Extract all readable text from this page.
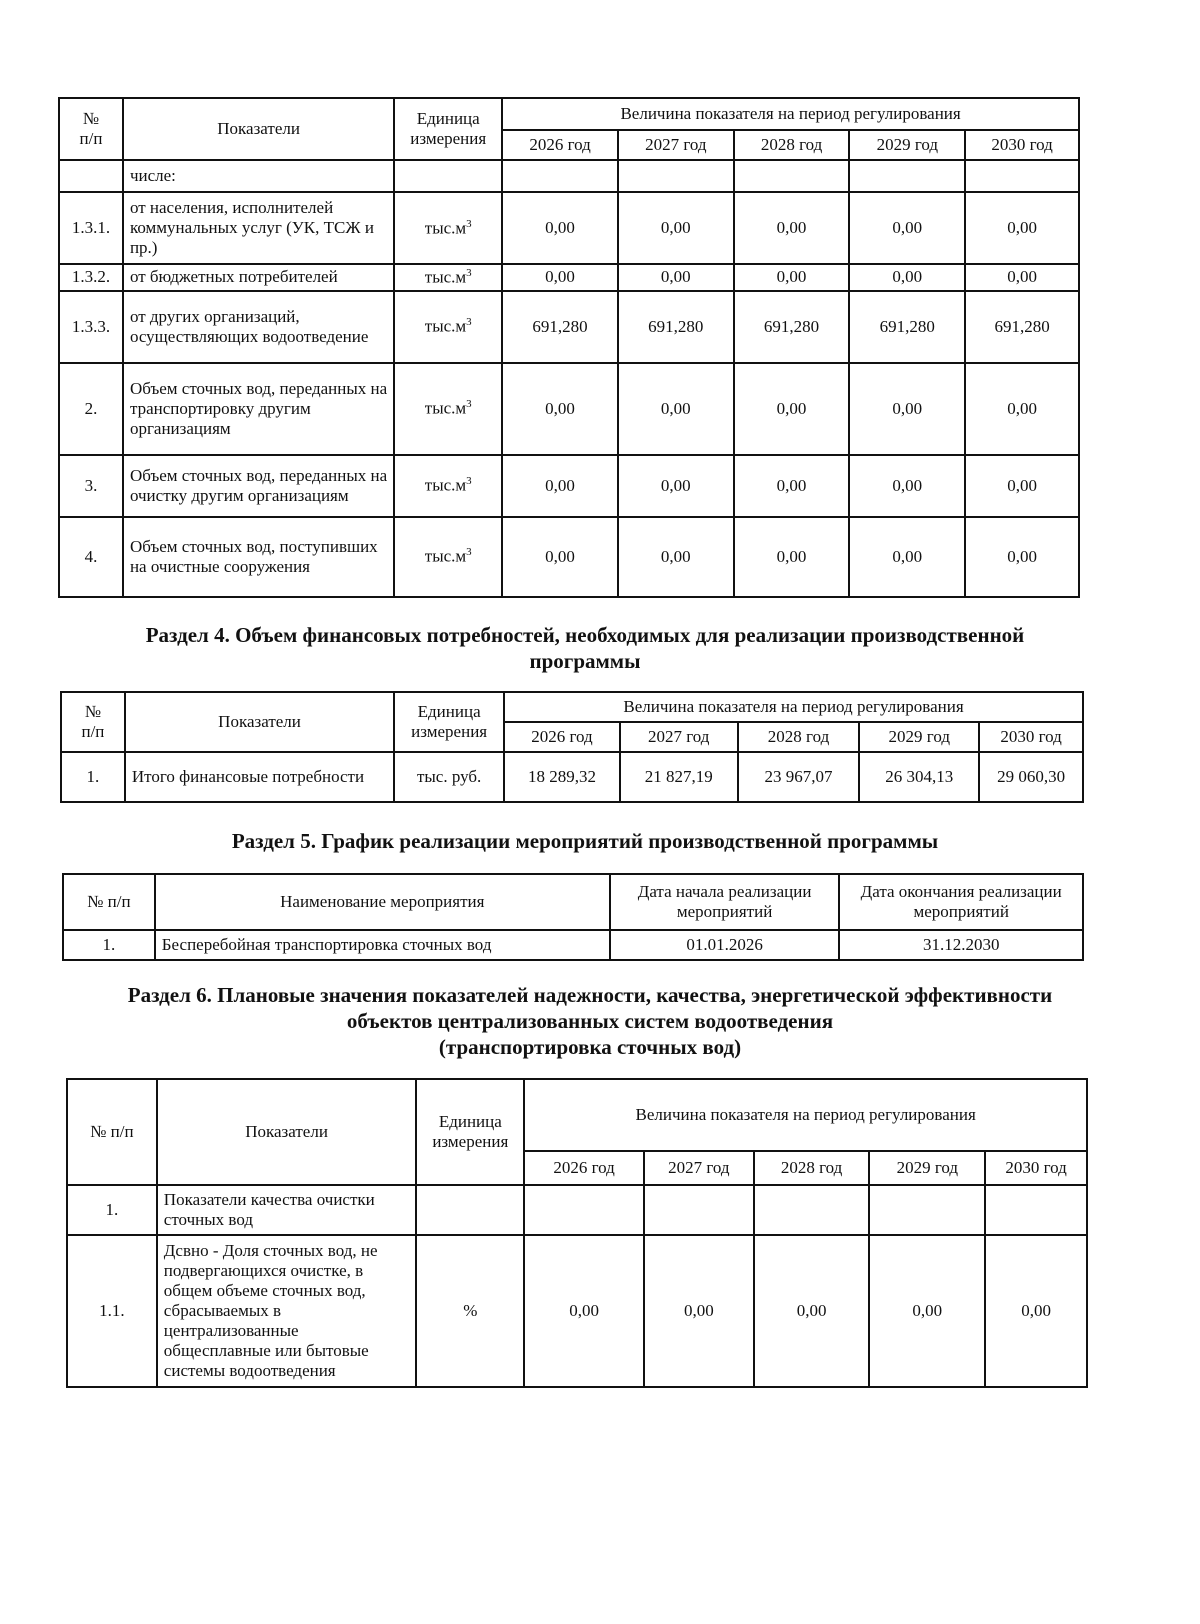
№
п/п	Показатели	Единица измерения	Величина показателя на период регулирования				
			2026 год	2027 год	2028 год	2029 год	2030 год
	числе:						
1.3.1.	от населения, исполнителей коммунальных услуг (УК, ТСЖ и пр.)	$тыс.м^3$	0,00	0,00	0,00	0,00	0,00
1.3.2.	от бюджетных потребителей	$тыс.м^3$	0,00	0,00	0,00	0,00	0,00
1.3.3.	от других организаций, осуществляющих водоотведение	$тыс.м^3$	691,280	691,280	691,280	691,280	691,280
2.	Объем сточных вод, переданных на транспортировку другим организациям	$тыс.м^3$	0,00	0,00	0,00	0,00	0,00
3.	Объем сточных вод, переданных на очистку другим организациям	$тыс.м^3$	0,00	0,00	0,00	0,00	0,00
4.	Объем сточных вод, поступивших на очистные сооружения	$тыс.м^3$	0,00	0,00	0,00	0,00	0,00
Раздел 4. Объем финансовых потребностей, необходимых для реализации производственной программы
№
п/п	Показатели	Единица измерения	Величина показателя на период регулирования				
			2026 год	2027 год	2028 год	2029 год	2030 год
1.	Итого финансовые потребности	тыс. руб.	18 289,32	21 827,19	23 967,07	26 304,13	29 060,30
Раздел 5. График реализации мероприятий производственной программы
№ п/п	Наименование мероприятия	Дата начала реализации мероприятий	Дата окончания реализации мероприятий
1.	Бесперебойная транспортировка сточных вод	01.01.2026	31.12.2030
Раздел 6. Плановые значения показателей надежности, качества, энергетической эффективности
объектов централизованных систем водоотведения
(транспортировка сточных вод)
№ п/п	Показатели	Единица измерения	Величина показателя на период регулирования				
			2026 год	2027 год	2028 год	2029 год	2030 год
1.	Показатели качества очистки сточных вод						
1.1.	Дсвно - Доля сточных вод, не подвергающихся очистке, в общем объеме сточных вод, сбрасываемых в централизованные общесплавные или бытовые системы водоотведения	%	0,00	0,00	0,00	0,00	0,00
